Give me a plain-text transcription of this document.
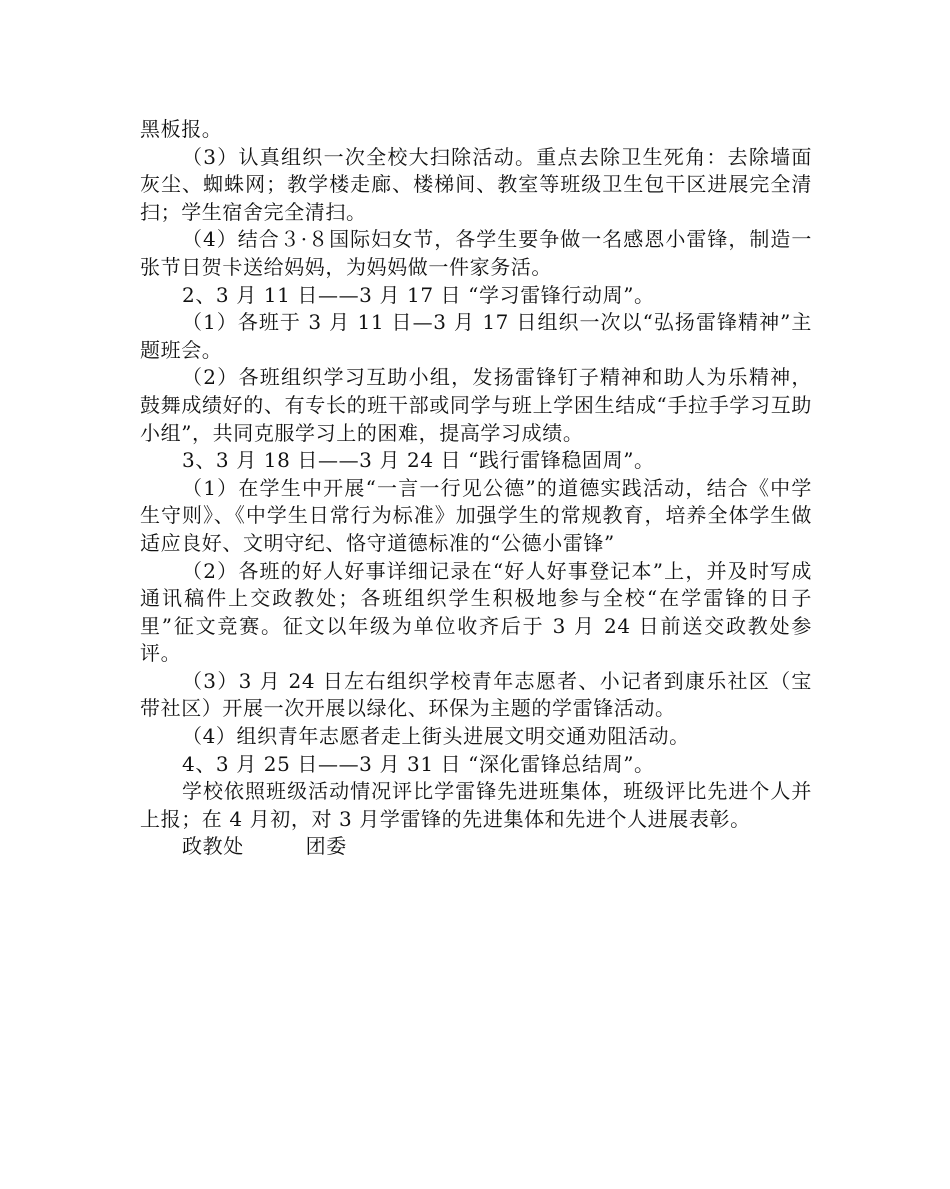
黑板报。

（3）认真组织一次全校大扫除活动。重点去除卫生死角：去除墙面灰尘、蜘蛛网；教学楼走廊、楼梯间、教室等班级卫生包干区进展完全清扫；学生宿舍完全清扫。

（4）结合３·８国际妇女节，各学生要争做一名感恩小雷锋，制造一张节日贺卡送给妈妈，为妈妈做一件家务活。

2、3 月 11 日——3 月 17 日 “学习雷锋行动周”。

（1）各班于 3 月 11 日—3 月 17 日组织一次以“弘扬雷锋精神”主题班会。

（2）各班组织学习互助小组，发扬雷锋钉子精神和助人为乐精神，鼓舞成绩好的、有专长的班干部或同学与班上学困生结成“手拉手学习互助小组”，共同克服学习上的困难，提高学习成绩。

3、3 月 18 日——3 月 24 日 “践行雷锋稳固周”。

（1）在学生中开展“一言一行见公德”的道德实践活动，结合《中学生守则》、《中学生日常行为标准》加强学生的常规教育，培养全体学生做适应良好、文明守纪、恪守道德标准的“公德小雷锋”

（2）各班的好人好事详细记录在“好人好事登记本”上，并及时写成通讯稿件上交政教处；各班组织学生积极地参与全校“在学雷锋的日子里”征文竞赛。征文以年级为单位收齐后于 3 月 24 日前送交政教处参评。

（3）3 月 24 日左右组织学校青年志愿者、小记者到康乐社区（宝带社区）开展一次开展以绿化、环保为主题的学雷锋活动。

（4）组织青年志愿者走上街头进展文明交通劝阻活动。

4、3 月 25 日——3 月 31 日 “深化雷锋总结周”。

学校依照班级活动情况评比学雷锋先进班集体，班级评比先进个人并上报；在 4 月初，对 3 月学雷锋的先进集体和先进个人进展表彰。

政教处　　　团委
